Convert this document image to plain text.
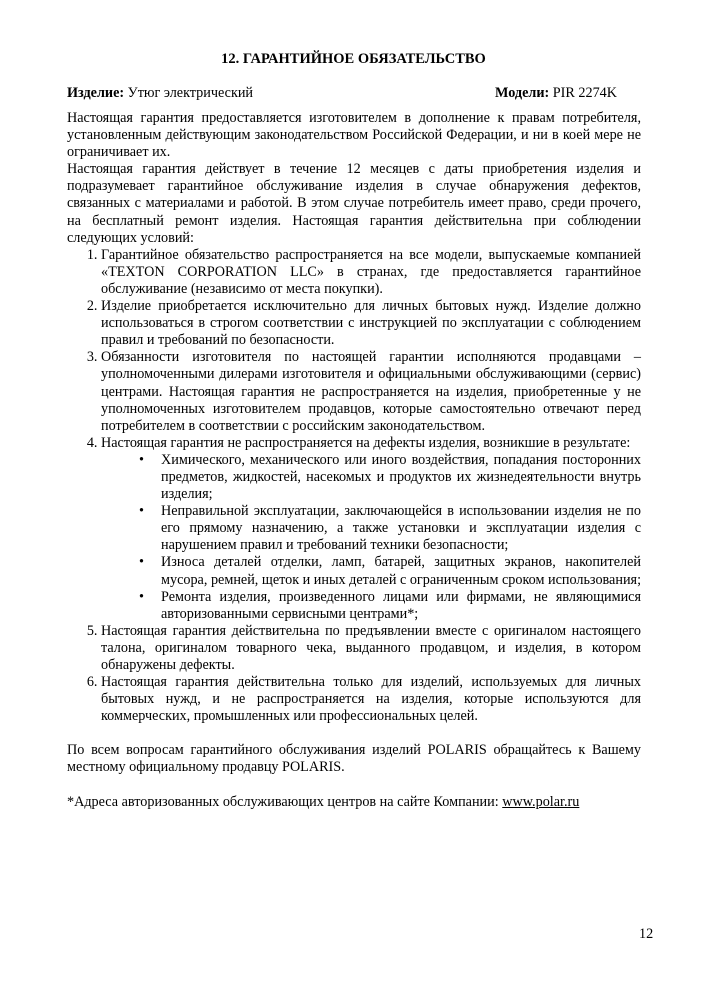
12. ГАРАНТИЙНОЕ ОБЯЗАТЕЛЬСТВО
Изделие: Утюг электрический	Модели: PIR 2274K

Настоящая гарантия предоставляется изготовителем в дополнение к правам потребителя, установленным действующим законодательством Российской Федерации, и ни в коей мере не ограничивает их.

Настоящая гарантия действует в течение 12 месяцев с даты приобретения изделия и подразумевает гарантийное обслуживание изделия в случае обнаружения дефектов, связанных с материалами и работой. В этом случае потребитель имеет право, среди прочего, на бесплатный ремонт изделия. Настоящая гарантия действительна при соблюдении следующих условий:

1. Гарантийное обязательство распространяется на все модели, выпускаемые компанией «TEXTON CORPORATION LLC» в странах, где предоставляется гарантийное обслуживание (независимо от места покупки).
2. Изделие приобретается исключительно для личных бытовых нужд. Изделие должно использоваться в строгом соответствии с инструкцией по эксплуатации с соблюдением правил и требований по безопасности.
3. Обязанности изготовителя по настоящей гарантии исполняются продавцами – уполномоченными дилерами изготовителя и официальными обслуживающими (сервис) центрами. Настоящая гарантия не распространяется на изделия, приобретенные у не уполномоченных изготовителем продавцов, которые самостоятельно отвечают перед потребителем в соответствии с российским законодательством.
4. Настоящая гарантия не распространяется на дефекты изделия, возникшие в результате:
• Химического, механического или иного воздействия, попадания посторонних предметов, жидкостей, насекомых и продуктов их жизнедеятельности внутрь изделия;
• Неправильной эксплуатации, заключающейся в использовании изделия не по его прямому назначению, а также установки и эксплуатации изделия с нарушением правил и требований техники безопасности;
• Износа деталей отделки, ламп, батарей, защитных экранов, накопителей мусора, ремней, щеток и иных деталей с ограниченным сроком использования;
• Ремонта изделия, произведенного лицами или фирмами, не являющимися авторизованными сервисными центрами*;
5. Настоящая гарантия действительна по предъявлении вместе с оригиналом настоящего талона, оригиналом товарного чека, выданного продавцом, и изделия, в котором обнаружены дефекты.
6. Настоящая гарантия действительна только для изделий, используемых для личных бытовых нужд, и не распространяется на изделия, которые используются для коммерческих, промышленных или профессиональных целей.

По всем вопросам гарантийного обслуживания изделий POLARIS обращайтесь к Вашему местному официальному продавцу POLARIS.

*Адреса авторизованных обслуживающих центров на сайте Компании: www.polar.ru

12
